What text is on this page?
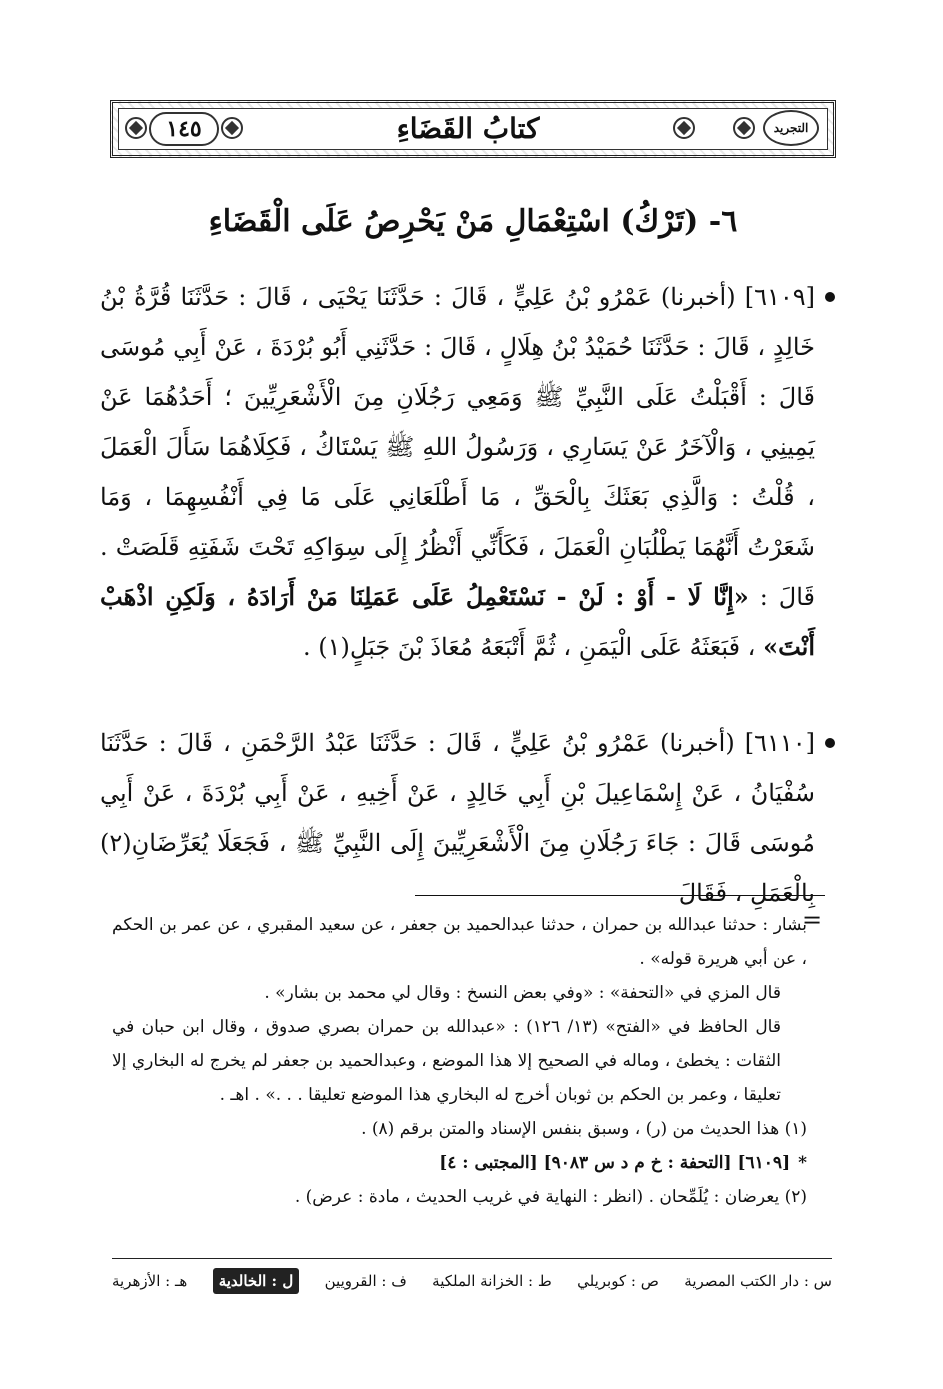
التجريد
كتابُ القَضَاءِ
١٤٥
٦- (تَرْكُ) اسْتِعْمَالِ مَنْ يَحْرِصُ عَلَى الْقَضَاءِ
[٦١٠٩] (أخبرنا) عَمْرُو بْنُ عَلِيٍّ ، قَالَ : حَدَّثَنَا يَحْيَى ، قَالَ : حَدَّثَنَا قُرَّةُ بْنُ خَالِدٍ ، قَالَ : حَدَّثَنَا حُمَيْدُ بْنُ هِلَالٍ ، قَالَ : حَدَّثَنِي أَبُو بُرْدَةَ ، عَنْ أَبِي مُوسَى قَالَ : أَقْبَلْتُ عَلَى النَّبِيِّ ﷺ وَمَعِي رَجُلَانِ مِنَ الْأَشْعَرِيِّينَ ؛ أَحَدُهُمَا عَنْ يَمِينِي ، وَالْآخَرُ عَنْ يَسَارِي ، وَرَسُولُ اللهِ ﷺ يَسْتَاكُ ، فَكِلَاهُمَا سَأَلَ الْعَمَلَ ، قُلْتُ : وَالَّذِي بَعَثَكَ بِالْحَقِّ ، مَا أَطْلَعَانِي عَلَى مَا فِي أَنْفُسِهِمَا ، وَمَا شَعَرْتُ أَنَّهُمَا يَطْلُبَانِ الْعَمَلَ ، فَكَأَنِّي أَنْظُرُ إِلَى سِوَاكِهِ تَحْتَ شَفَتِهِ قَلَصَتْ . قَالَ : «إِنَّا لَا - أَوْ : لَنْ - نَسْتَعْمِلُ عَلَى عَمَلِنَا مَنْ أَرَادَهُ ، وَلَكِنِ اذْهَبْ أَنْتَ» ، فَبَعَثَهُ عَلَى الْيَمَنِ ، ثُمَّ أَتْبَعَهُ مُعَاذَ بْنَ جَبَلٍ(١) .
[٦١١٠] (أخبرنا) عَمْرُو بْنُ عَلِيٍّ ، قَالَ : حَدَّثَنَا عَبْدُ الرَّحْمَنِ ، قَالَ : حَدَّثَنَا سُفْيَانُ ، عَنْ إِسْمَاعِيلَ بْنِ أَبِي خَالِدٍ ، عَنْ أَخِيهِ ، عَنْ أَبِي بُرْدَةَ ، عَنْ أَبِي مُوسَى قَالَ : جَاءَ رَجُلَانِ مِنَ الْأَشْعَرِيِّينَ إِلَى النَّبِيِّ ﷺ ، فَجَعَلَا يُعَرِّضَانِ(٢) بِالْعَمَلِ ، فَقَالَ
=

بشار : حدثنا عبدالله بن حمران ، حدثنا عبدالحميد بن جعفر ، عن سعيد المقبري ، عن عمر بن الحكم ، عن أبي هريرة قوله» .

قال المزي في «التحفة» : «وفي بعض النسخ : وقال لي محمد بن بشار» .

قال الحافظ في «الفتح» (١٣/ ١٢٦) : «عبدالله بن حمران بصري صدوق ، وقال ابن حبان في الثقات : يخطئ ، وماله في الصحيح إلا هذا الموضع ، وعبدالحميد بن جعفر لم يخرج له البخاري إلا تعليقا ، وعمر بن الحكم بن ثوبان أخرج له البخاري هذا الموضع تعليقا . . .» . اهـ .

(١) هذا الحديث من (ر) ، وسبق بنفس الإسناد والمتن برقم (٨) .

*[٦١٠٩] [التحفة : خ م د س ٩٠٨٣] [المجتبى : ٤]

(٢) يعرضان : يُلَمِّحان . (انظر : النهاية في غريب الحديث ، مادة : عرض) .

س : دار الكتب المصرية
ص : كوبريلي
ط : الخزانة الملكية
ف : القرويين
ل : الخالدية
هـ : الأزهرية
